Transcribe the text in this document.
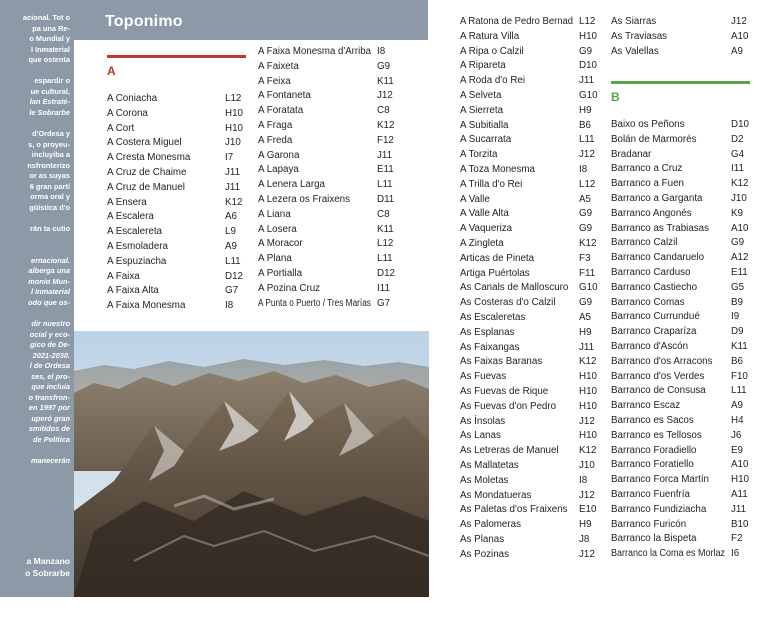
acional. Tot o
pa una Re-
o Mundial y
l Inmaterial
que ostenta
espardir o
ue cultural,
lan Estraté-
le Sobrarbe
d'Ordesa y
s, o proyeu-
incluyiba a
nsfronterizo
or as suyas
6 gran parti
orma oral y
güística d'o
rán ta cutio
ernacional.
alberga una
monio Mun-
l Inmaterial
odo que os-
dir nuestro
ocial y eco-
gico de De-
2021-2030.
l de Ordesa
ses, el pro-
que incluía
o transfron-
en 1997 por
uperó gran
smitidos de
de Política
manecerán
a Manzano
o Sobrarbe
Toponimo
A
B
A Coniacha	L12
A Corona	H10
A Cort	H10
A Costera Miguel	J10
A Cresta Monesma	I7
A Cruz de Chaime	J11
A Cruz de Manuel	J11
A Ensera	K12
A Escalera	A6
A Escalereta	L9
A Esmoladera	A9
A Espuziacha	L11
A Faixa	D12
A Faixa Alta	G7
A Faixa Monesma	I8
A Faixa Monesma d'Arriba I8
A Faixeta	G9
A Feixa	K11
A Fontaneta	J12
A Foratata	C8
A Fraga	K12
A Freda	F12
A Garona	J11
A Lapaya	E11
A Lenera Larga	L11
A Lezera os Fraixens	D11
A Liana	C8
A Losera	K11
A Moracor	L12
A Plana	L11
A Portialla	D12
A Pozina Cruz	I11
A Punta o Puerto / Tres Marías G7
A Ratona de Pedro Bernad L12
A Ratura Villa	H10
A Ripa o Calzil	G9
A Ripareta	D10
A Roda d'o Rei	J11
A Selveta	G10
A Sierreta	H9
A Subitialla	B6
A Sucarrata	L11
A Torzita	J12
A Toza Monesma	I8
A Trilla d'o Rei	L12
A Valle	A5
A Valle Alta	G9
A Vaqueriza	G9
A Zingleta	K12
Articas de Pineta	F3
Artiga Puértolas	F11
As Canals de Malloscuro G10
As Costeras d'o Calzil G9
As Escaleretas	A5
As Esplanas	H9
As Faixangas	J11
As Faixas Baranas	K12
As Fuevas	H10
As Fuevas de Rique	H10
As Fuevas d'on Pedro H10
As Ínsolas	J12
As Lanas	H10
As Letreras de Manuel K12
As Mallatetas	J10
As Moletas	I8
As Mondatueras	J12
As Paletas d'os Fraixens E10
As Palomeras	H9
As Planas	J8
As Pozinas	J12
As Siarras	J12
As Traviasas	A10
As Valellas	A9
Baixo os Peñons	D10
Bolán de Marmorés	D2
Bradanar	G4
Barranco a Cruz	I11
Barranco a Fuen	K12
Barranco a Garganta	J10
Barranco Angonés	K9
Barranco as Trabiasas A10
Barranco Calzil	G9
Barranco Candaruelo	A12
Barranco Carduso	E11
Barranco Castiecho	G5
Barranco Comas	B9
Barranco Currundué	I9
Barranco Craparíza	D9
Barranco d'Ascón	K11
Barranco d'os Arracons B6
Barranco d'os Verdes	F10
Barranco de Consusa	L11
Barranco Escaz	A9
Barranco es Sacos	H4
Barranco es Tellosos	J6
Barranco Foradiello	E9
Barranco Foratiello	A10
Barranco Forca Martín H10
Barranco Fuenfría	A11
Barranco Fundiziacha	J11
Barranco Furicón	B10
Barranco la Bispeta	F2
Barranco la Coma es Morlaz I6
